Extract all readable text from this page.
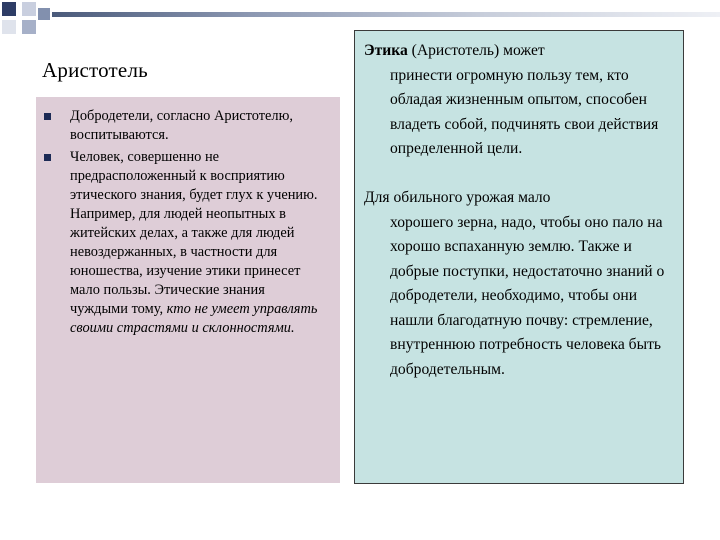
Аристотель
Добродетели, согласно Аристотелю, воспитываются.
Человек, совершенно не предрасположенный к восприятию этического знания, будет глух к учению. Например, для людей неопытных в житейских делах, а также для людей невоздержанных, в частности для юношества, изучение этики принесет мало пользы. Этические знания чуждыми тому, кто не умеет управлять своими страстями и склонностями.
Этика (Аристотель) может
принести огромную пользу тем, кто обладая жизненным опытом, способен владеть собой, подчинять свои действия определенной цели.
Для обильного урожая мало
хорошего зерна, надо, чтобы оно пало на хорошо вспаханную землю. Также и добрые поступки, недостаточно знаний о добродетели, необходимо, чтобы они нашли благодатную почву: стремление, внутреннюю потребность человека быть добродетельным.
